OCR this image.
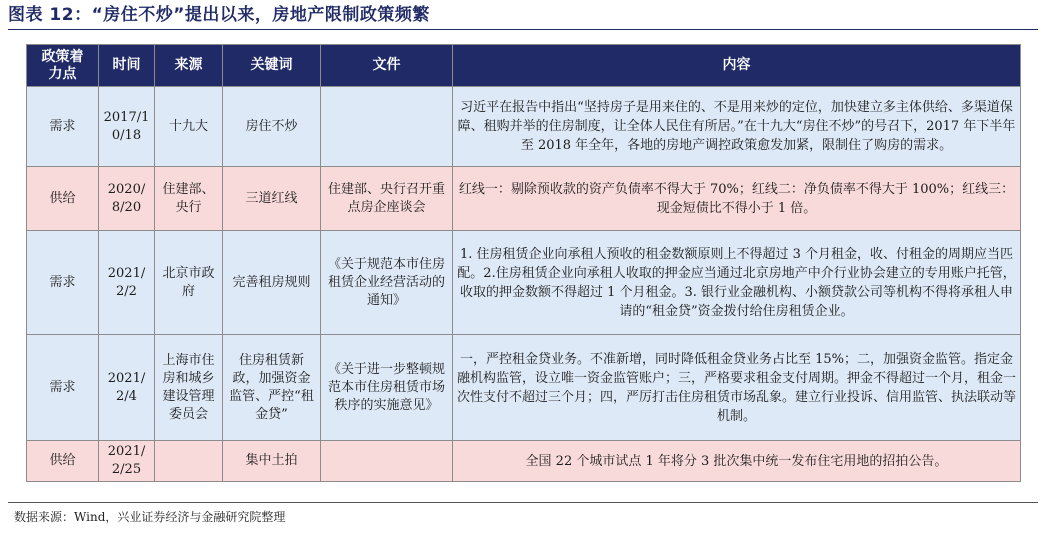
图表 12：“房住不炒”提出以来，房地产限制政策频繁
政策着力点	时间	来源	关键词	文件	内容
需求	2017/10/18	十九大	房住不炒		习近平在报告中指出“坚持房子是用来住的、不是用来炒的定位，加快建立多主体供给、多渠道保障、租购并举的住房制度，让全体人民住有所居。”在十九大“房住不炒”的号召下，2017 年下半年至 2018 年全年，各地的房地产调控政策愈发加紧，限制住了购房的需求。
供给	2020/8/20	住建部、央行	三道红线	住建部、央行召开重点房企座谈会	红线一：剔除预收款的资产负债率不得大于 70%；红线二：净负债率不得大于 100%；红线三：现金短债比不得小于 1 倍。
需求	2021/2/2	北京市政府	完善租房规则	《关于规范本市住房租赁企业经营活动的通知》	1. 住房租赁企业向承租人预收的租金数额原则上不得超过 3 个月租金，收、付租金的周期应当匹配。2.住房租赁企业向承租人收取的押金应当通过北京房地产中介行业协会建立的专用账户托管，收取的押金数额不得超过 1 个月租金。3. 银行业金融机构、小额贷款公司等机构不得将承租人申请的“租金贷”资金拨付给住房租赁企业。
需求	2021/2/4	上海市住房和城乡建设管理委员会	住房租赁新政，加强资金监管、严控“租金贷”	《关于进一步整顿规范本市住房租赁市场秩序的实施意见》	一，严控租金贷业务。不准新增，同时降低租金贷业务占比至 15%；二，加强资金监管。指定金融机构监管，设立唯一资金监管账户；三，严格要求租金支付周期。押金不得超过一个月，租金一次性支付不超过三个月；四，严厉打击住房租赁市场乱象。建立行业投诉、信用监管、执法联动等机制。
供给	2021/2/25		集中土拍		全国 22 个城市试点 1 年将分 3 批次集中统一发布住宅用地的招拍公告。
数据来源：Wind，兴业证券经济与金融研究院整理
